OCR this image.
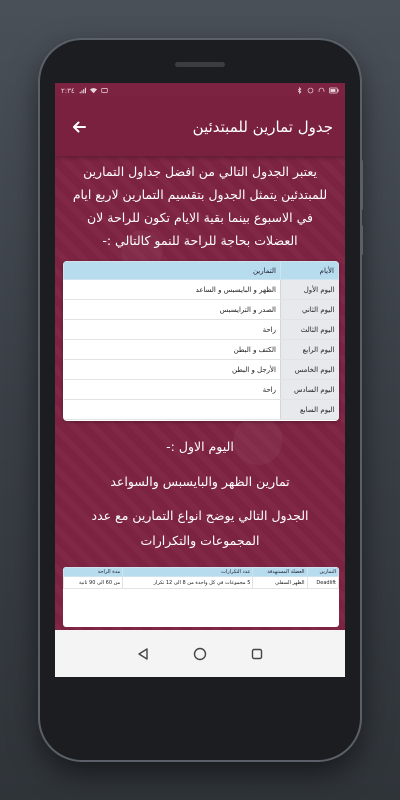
٢:٣٤
جدول تمارين للمبتدئين

يعتبر الجدول التالي من افضل جداول التمارين للمبتدئين يتمثل الجدول بتقسيم التمارين لاربع ايام في الاسبوع بينما بقية الايام تكون للراحة لان العضلات بحاجة للراحة للنمو كالتالي :-

الأيام	التمارين
اليوم الأول	الظهر و البايسبس و الساعد
اليوم الثاني	الصدر و الترايسبس
اليوم الثالث	راحة
اليوم الرابع	الكتف و البطن
اليوم الخامس	الأرجل و البطن
اليوم السادس	راحة
اليوم السابع	
اليوم الاول :-
تمارين الظهر والبايسبس والسواعد

الجدول التالي يوضح انواع التمارين مع عدد المجموعات والتكرارات

التمارين	العضلة المستهدفة	عدد التكرارات	مدة الراحة
Deadlift	الظهر السفلي	5 مجموعات في كل واحدة من 8 الى 12 تكرار	من 60 الى 90 ثانية
